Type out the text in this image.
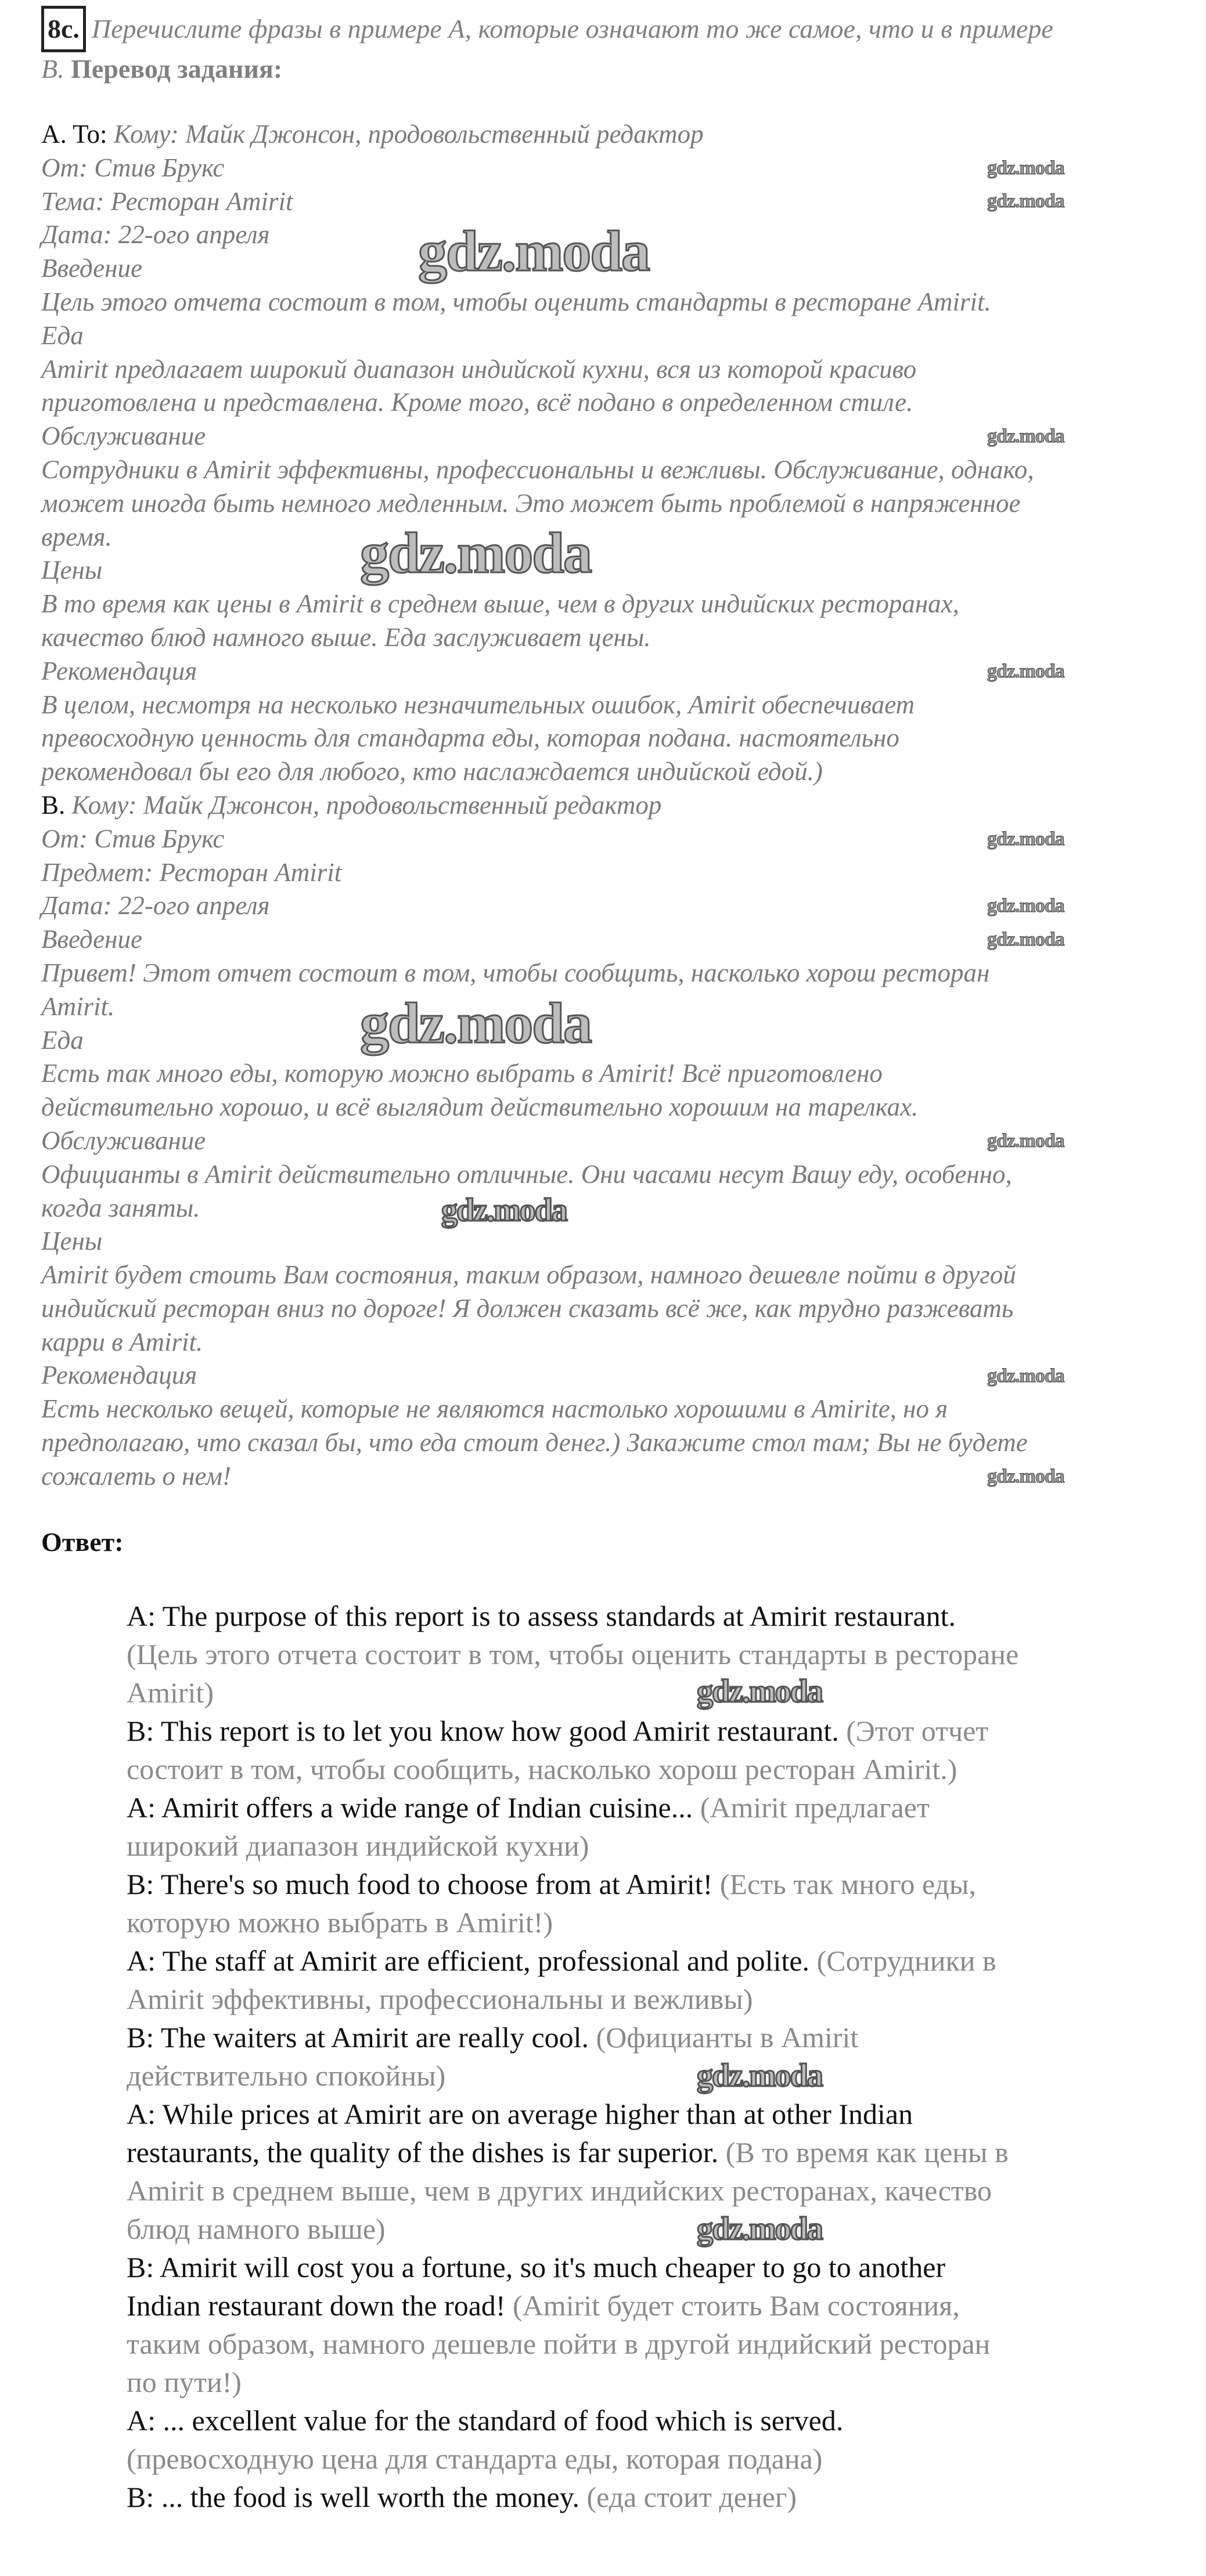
8c. Перечислите фразы в примере А, которые означают то же самое, что и в примере
B. Перевод задания:
A. To: Кому: Майк Джонсон, продовольственный редактор
От: Стив Брукс
Тема: Ресторан Amirit
Дата: 22-ого апреля
Введение
Цель этого отчета состоит в том, чтобы оценить стандарты в ресторане Amirit.
Еда
Amirit предлагает широкий диапазон индийской кухни, вся из которой красиво
приготовлена и представлена. Кроме того, всё подано в определенном стиле.
Обслуживание
Сотрудники в Amirit эффективны, профессиональны и вежливы. Обслуживание, однако,
может иногда быть немного медленным. Это может быть проблемой в напряженное
время.
Цены
В то время как цены в Amirit в среднем выше, чем в других индийских ресторанах,
качество блюд намного выше. Еда заслуживает цены.
Рекомендация
В целом, несмотря на несколько незначительных ошибок, Amirit обеспечивает
превосходную ценность для стандарта еды, которая подана. настоятельно
рекомендовал бы его для любого, кто наслаждается индийской едой.)
B. Кому: Майк Джонсон, продовольственный редактор
От: Стив Брукс
Предмет: Ресторан Amirit
Дата: 22-ого апреля
Введение
Привет! Этот отчет состоит в том, чтобы сообщить, насколько хорош ресторан
Amirit.
Еда
Есть так много еды, которую можно выбрать в Amirit! Всё приготовлено
действительно хорошо, и всё выглядит действительно хорошим на тарелках.
Обслуживание
Официанты в Amirit действительно отличные. Они часами несут Вашу еду, особенно,
когда заняты.
Цены
Amirit будет стоить Вам состояния, таким образом, намного дешевле пойти в другой
индийский ресторан вниз по дороге! Я должен сказать всё же, как трудно разжевать
карри в Amirit.
Рекомендация
Есть несколько вещей, которые не являются настолько хорошими в Amirite, но я
предполагаю, что сказал бы, что еда стоит денег.) Закажите стол там; Вы не будете
сожалеть о нем!
Ответ:
A: The purpose of this report is to assess standards at Amirit restaurant.
(Цель этого отчета состоит в том, чтобы оценить стандарты в ресторане
Amirit)
B: This report is to let you know how good Amirit restaurant. (Этот отчет
состоит в том, чтобы сообщить, насколько хорош ресторан Amirit.)
A: Amirit offers a wide range of Indian cuisine... (Amirit предлагает
широкий диапазон индийской кухни)
B: There's so much food to choose from at Amirit! (Есть так много еды,
которую можно выбрать в Amirit!)
A: The staff at Amirit are efficient, professional and polite. (Сотрудники в
Amirit эффективны, профессиональны и вежливы)
B: The waiters at Amirit are really cool. (Официанты в Amirit
действительно спокойны)
A: While prices at Amirit are on average higher than at other Indian
restaurants, the quality of the dishes is far superior. (В то время как цены в
Amirit в среднем выше, чем в других индийских ресторанах, качество
блюд намного выше)
B: Amirit will cost you a fortune, so it's much cheaper to go to another
Indian restaurant down the road! (Amirit будет стоить Вам состояния,
таким образом, намного дешевле пойти в другой индийский ресторан
по пути!)
A: ... excellent value for the standard of food which is served.
(превосходную цена для стандарта еды, которая подана)
B: ... the food is well worth the money. (еда стоит денег)
gdz.moda
gdz.moda
gdz.moda
gdz.moda
gdz.moda
gdz.moda
gdz.moda
gdz.moda
gdz.moda
gdz.moda
gdz.moda
gdz.moda
gdz.moda
gdz.moda
gdz.moda
gdz.moda
gdz.moda
